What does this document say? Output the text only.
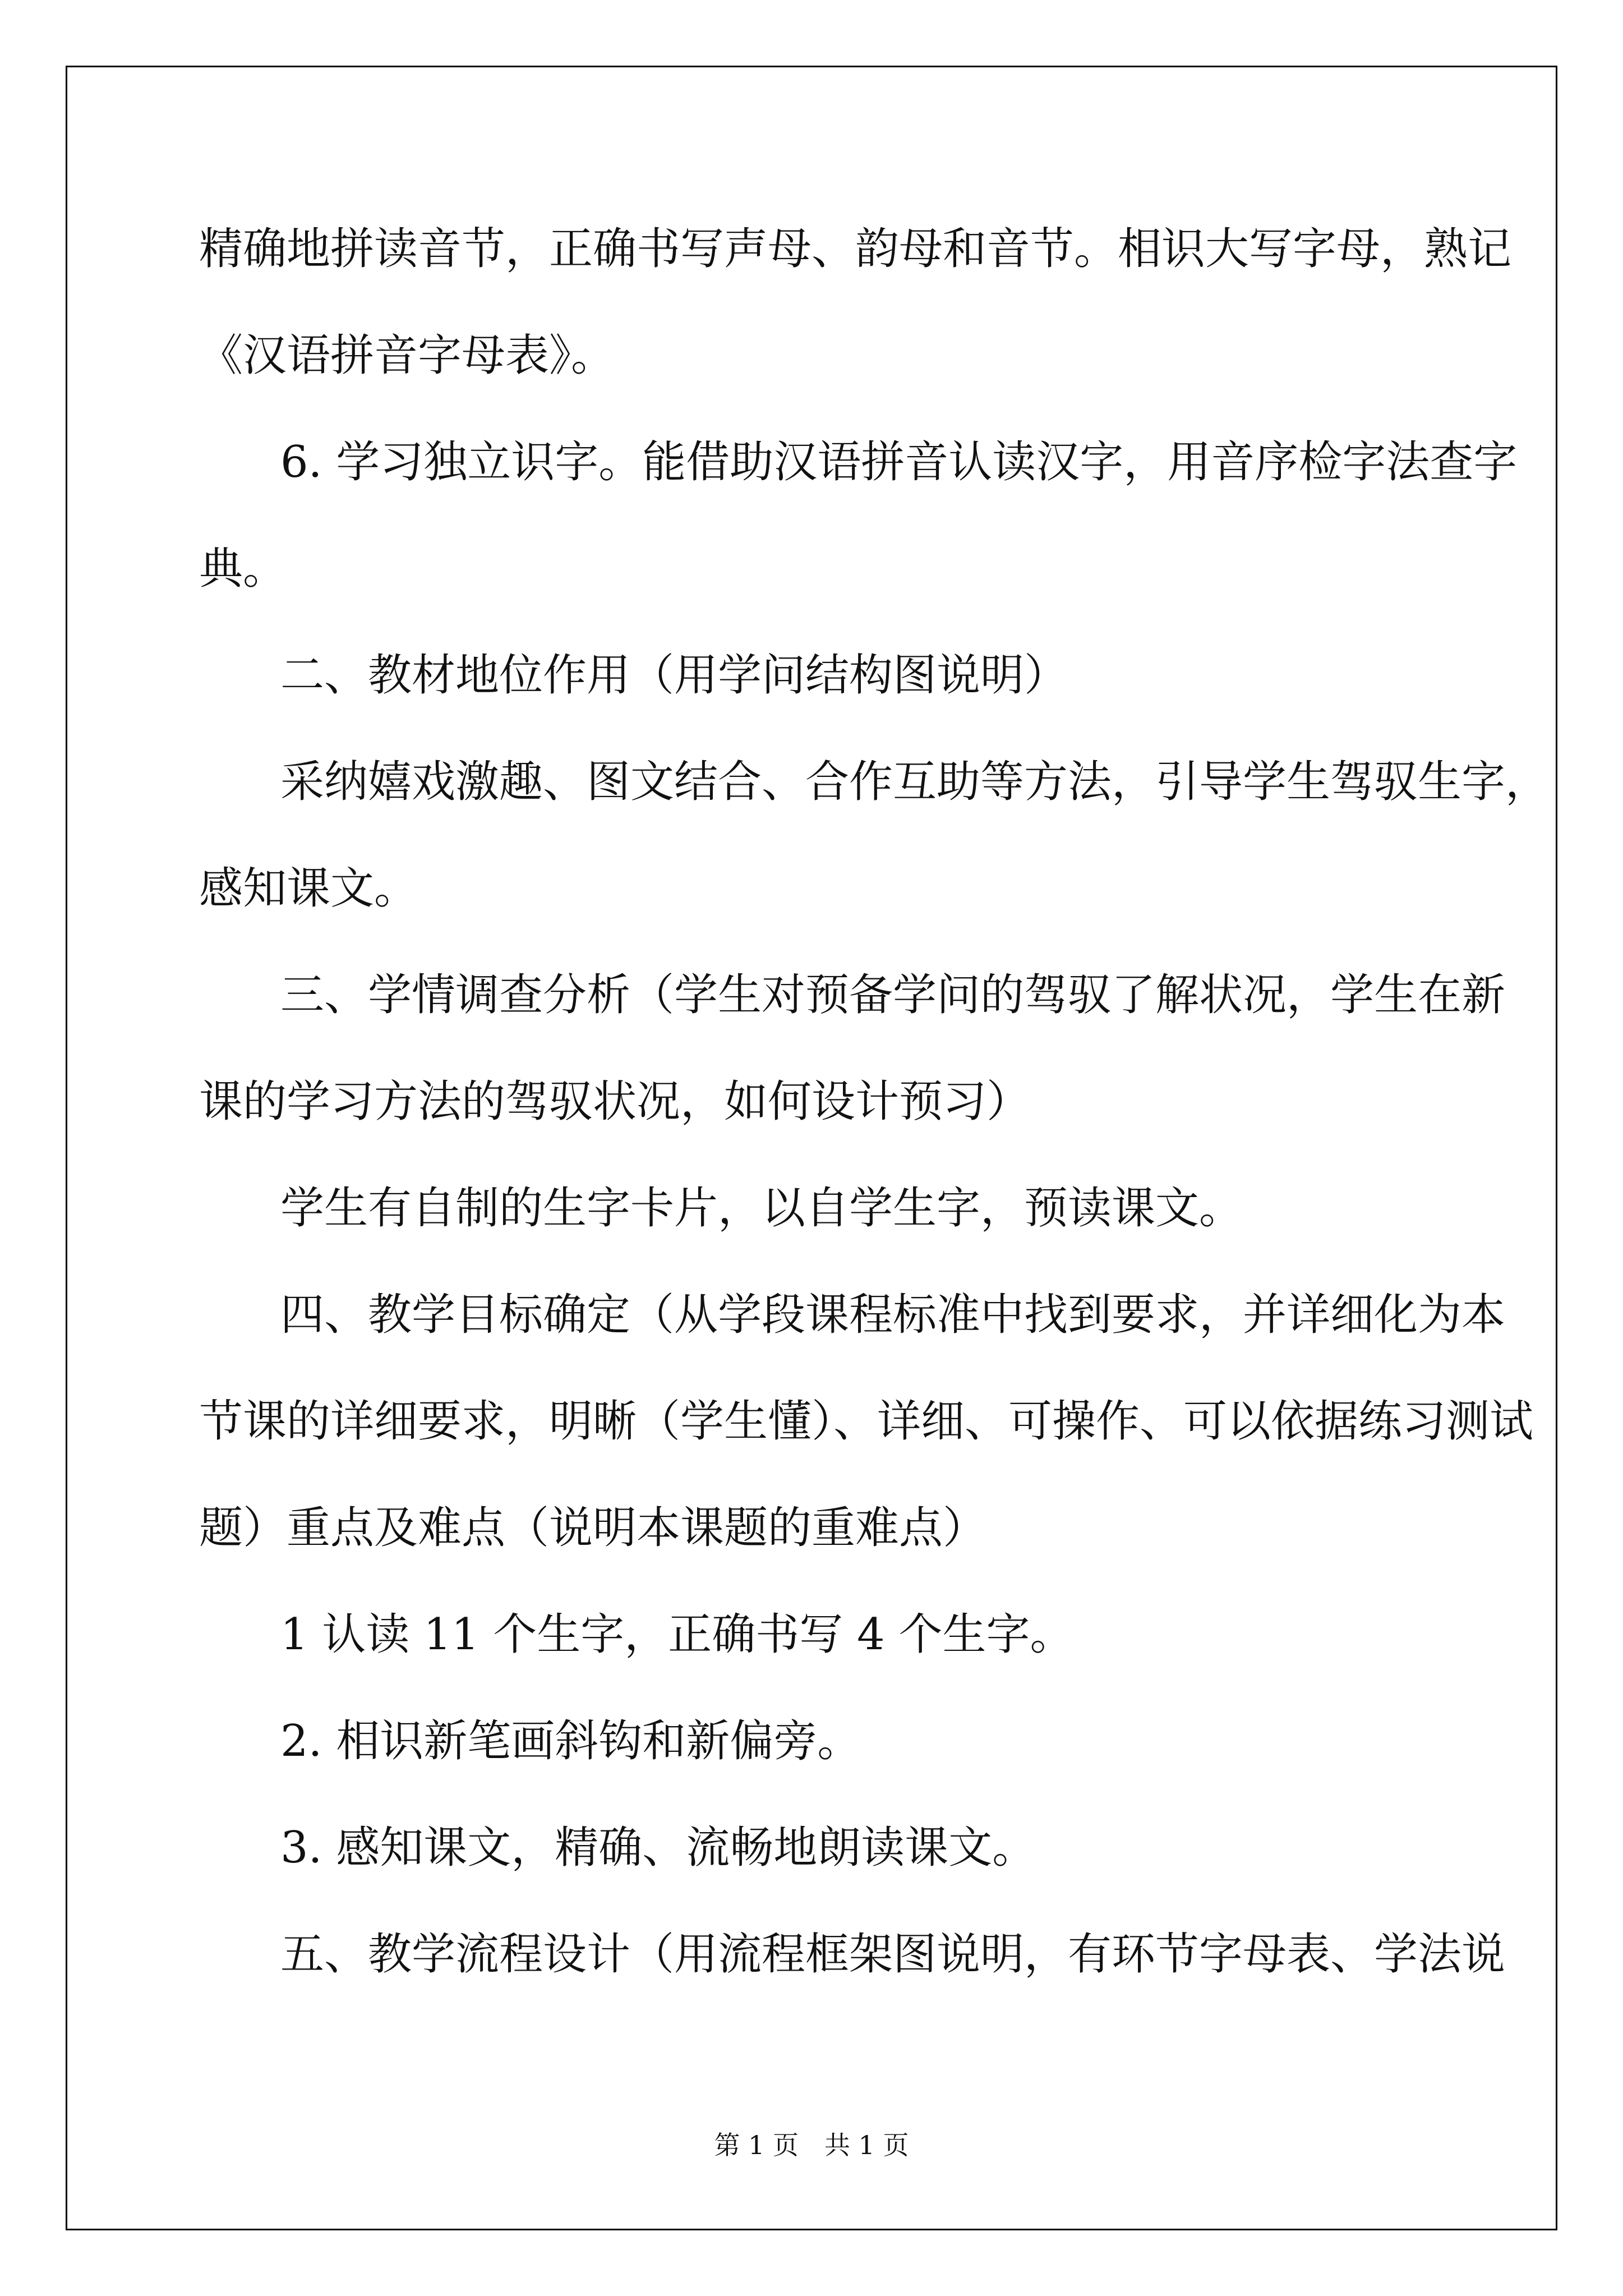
精确地拼读音节，正确书写声母、韵母和音节。相识大写字母，熟记

《汉语拼音字母表》。

6. 学习独立识字。能借助汉语拼音认读汉字，用音序检字法查字

典。

二、教材地位作用（用学问结构图说明）

采纳嬉戏激趣、图文结合、合作互助等方法，引导学生驾驭生字，

感知课文。

三、学情调查分析（学生对预备学问的驾驭了解状况，学生在新

课的学习方法的驾驭状况，如何设计预习）

学生有自制的生字卡片，以自学生字，预读课文。

四、教学目标确定（从学段课程标准中找到要求，并详细化为本

节课的详细要求，明晰（学生懂）、详细、可操作、可以依据练习测试

题）重点及难点（说明本课题的重难点）

1 认读 11 个生字，正确书写 4 个生字。

2. 相识新笔画斜钩和新偏旁。

3. 感知课文，精确、流畅地朗读课文。

五、教学流程设计（用流程框架图说明，有环节字母表、学法说

第 1 页　共 1 页
